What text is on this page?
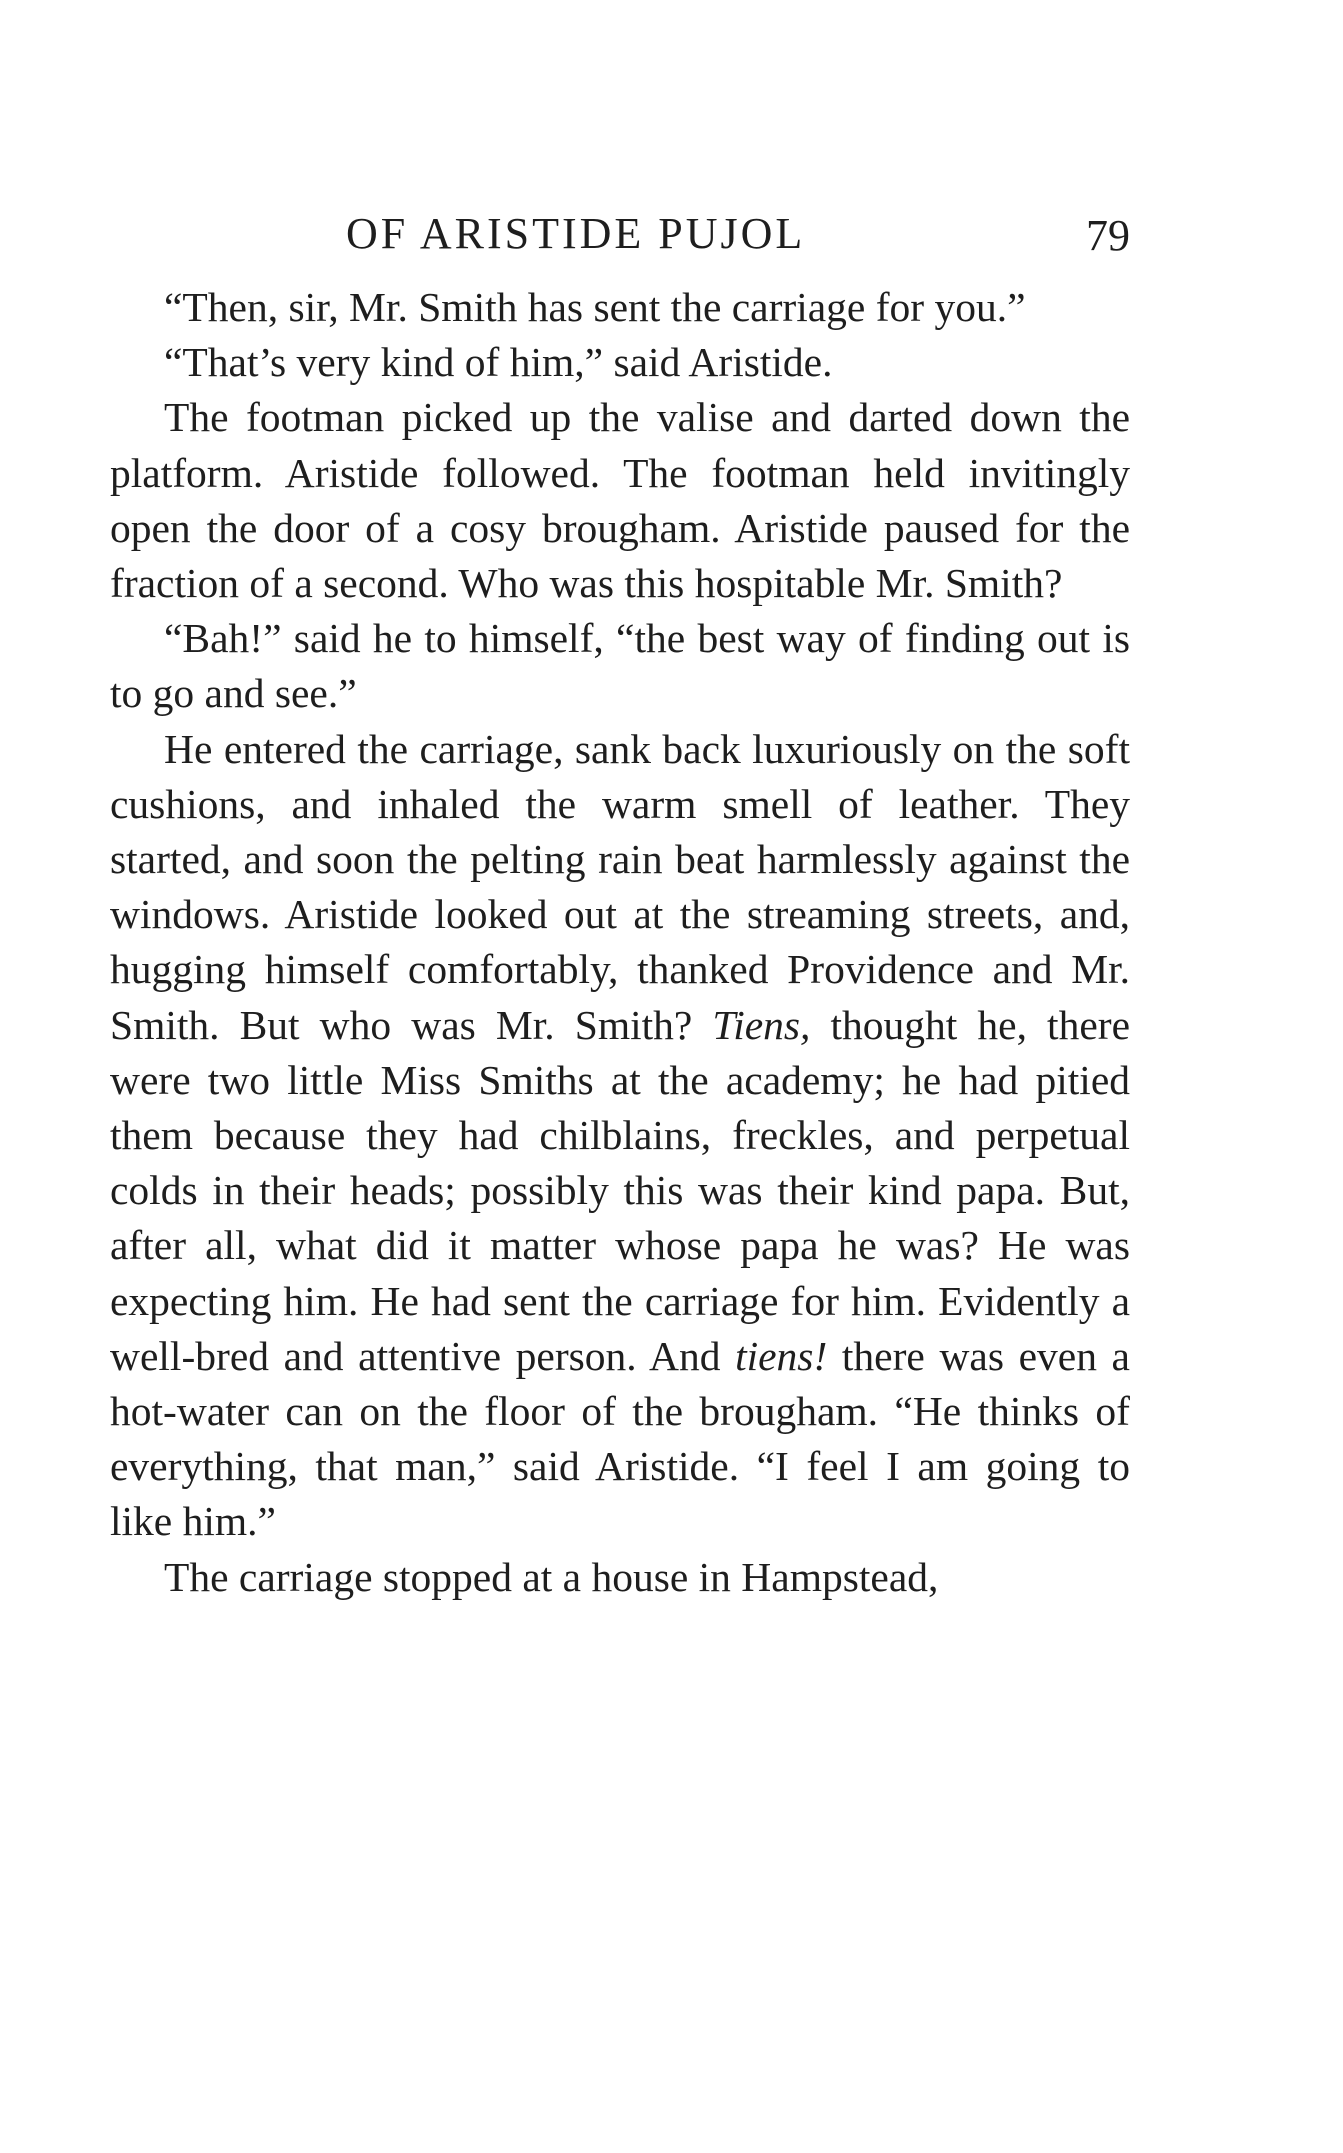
OF ARISTIDE PUJOL	79

“Then, sir, Mr. Smith has sent the carriage for you.”

“That’s very kind of him,” said Aristide.

The footman picked up the valise and darted down the platform. Aristide followed. The footman held invitingly open the door of a cosy brougham. Aristide paused for the fraction of a second. Who was this hospitable Mr. Smith?

“Bah!” said he to himself, “the best way of finding out is to go and see.”

He entered the carriage, sank back luxuriously on the soft cushions, and inhaled the warm smell of leather. They started, and soon the pelting rain beat harmlessly against the windows. Aristide looked out at the streaming streets, and, hugging himself comfortably, thanked Providence and Mr. Smith. But who was Mr. Smith? Tiens, thought he, there were two little Miss Smiths at the academy; he had pitied them because they had chilblains, freckles, and perpetual colds in their heads; possibly this was their kind papa. But, after all, what did it matter whose papa he was? He was expecting him. He had sent the carriage for him. Evidently a well-bred and attentive person. And tiens! there was even a hot-water can on the floor of the brougham. “He thinks of everything, that man,” said Aristide. “I feel I am going to like him.”

The carriage stopped at a house in Hampstead,
